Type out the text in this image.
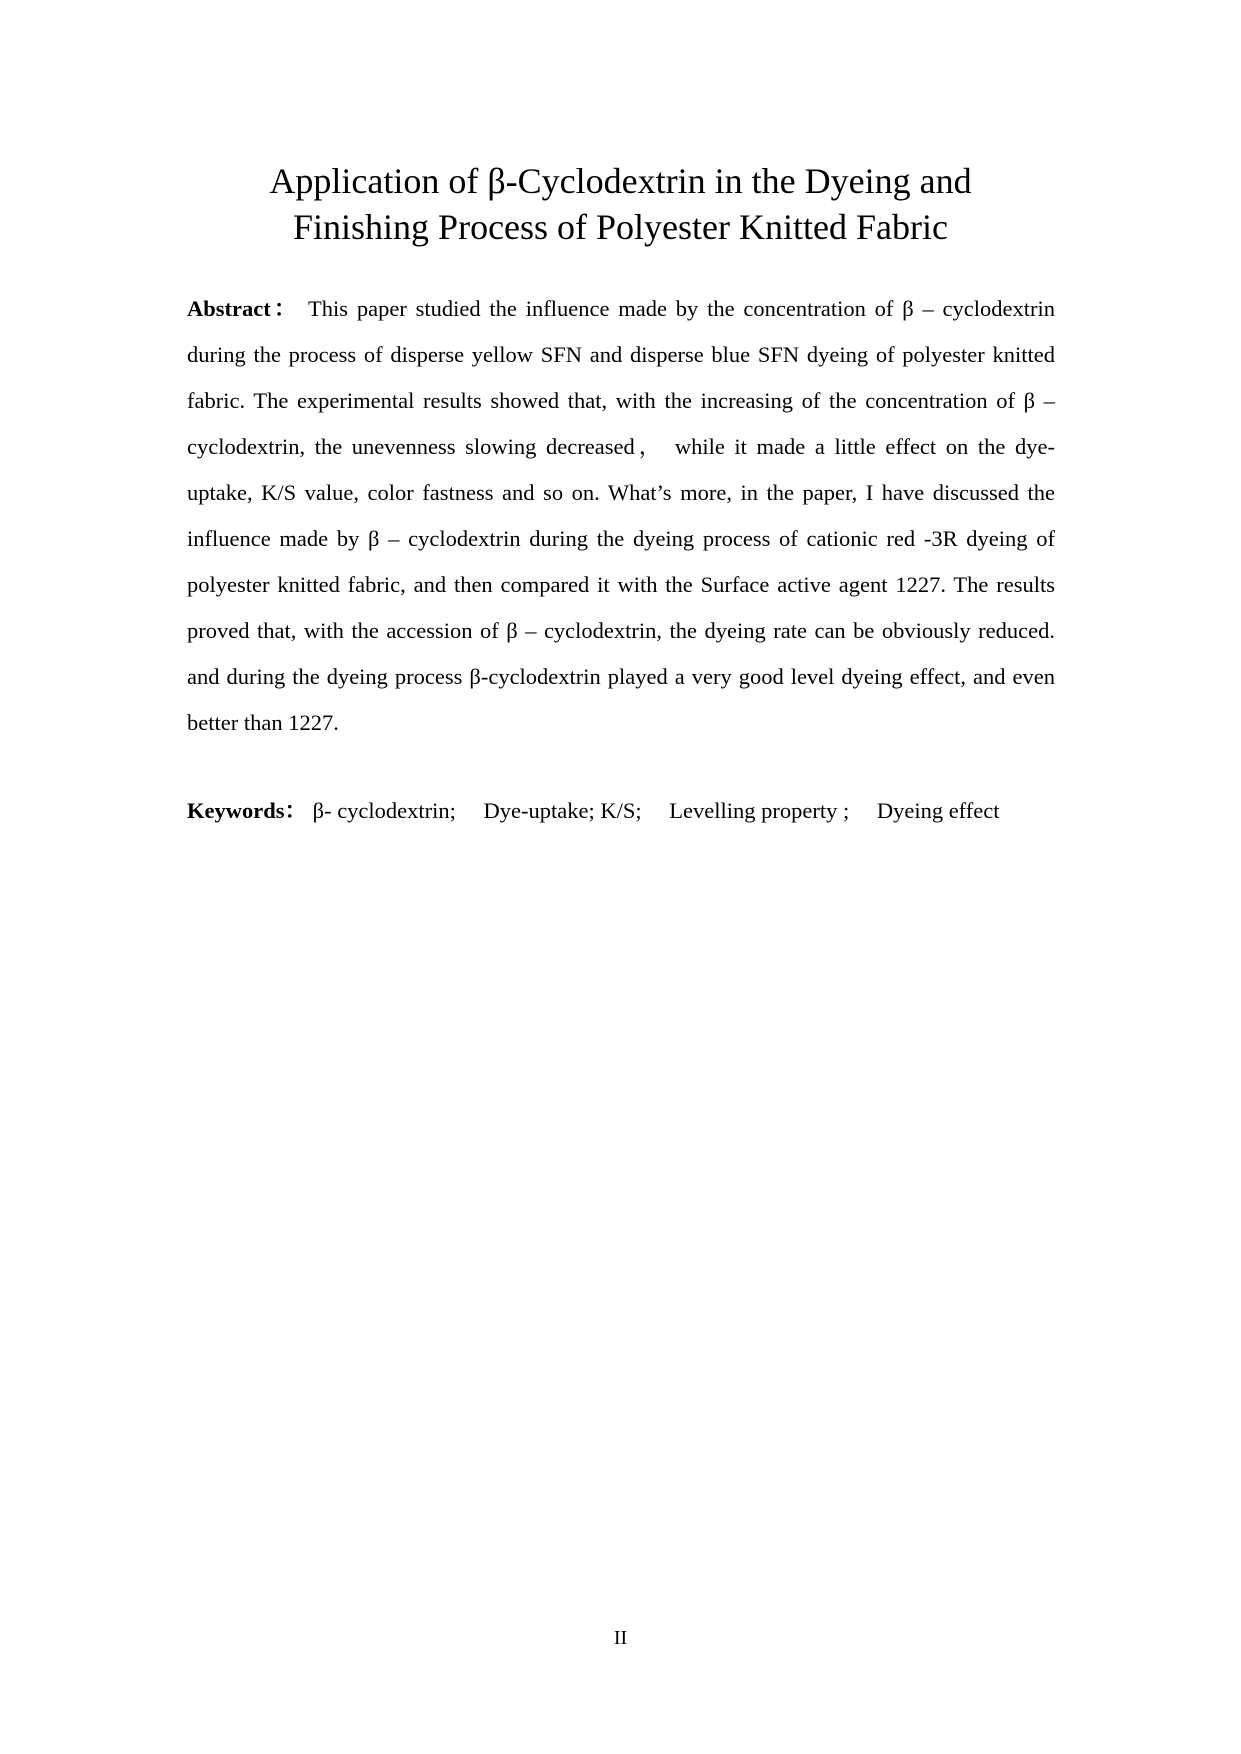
Application of β-Cyclodextrin in the Dyeing and
Finishing Process of Polyester Knitted Fabric

Abstract： This paper studied the influence made by the concentration of β – cyclodextrin during the process of disperse yellow SFN and disperse blue SFN dyeing of polyester knitted fabric. The experimental results showed that, with the increasing of the concentration of β – cyclodextrin, the unevenness slowing decreased， while it made a little effect on the dye-uptake, K/S value, color fastness and so on. What’s more, in the paper, I have discussed the influence made by β – cyclodextrin during the dyeing process of cationic red -3R dyeing of polyester knitted fabric, and then compared it with the Surface active agent 1227. The results proved that, with the accession of β – cyclodextrin, the dyeing rate can be obviously reduced. and during the dyeing process β-cyclodextrin played a very good level dyeing effect, and even better than 1227.

Keywords： β- cyclodextrin; Dye-uptake; K/S; Levelling property ; Dyeing effect

II
